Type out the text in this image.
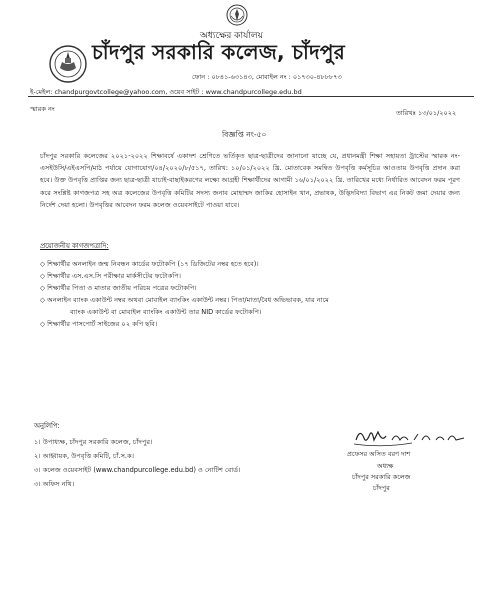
অধ্যক্ষের কার্যালয়
চাঁদপুর সরকারি কলেজ, চাঁদপুর
ফোন : ০৮৪১-৬৩১৪৩, মোবাইল নং : ০১৭৩০-৪৮৮৮৭৩
ই-মেইল: chandpurgovtcollege@yahoo.com, ওয়েব সাইট : www.chandpurcollege.edu.bd
স্মারক নং	তারিখঃ ১৩/০১/২০২২
বিজ্ঞপ্তি নং-৫০
চাঁদপুর সরকারি কলেজের ২০২১-২০২২ শিক্ষাবর্ষে একাদশ শ্রেণিতে ভর্তিকৃত ছাত্র-ছাত্রীদের জানানো যাচ্ছে যে, প্রধানমন্ত্রী শিক্ষা সহায়তা ট্রাস্টের স্মারক নং- এসইউসি/এইএসপি/মাঠ পর্যায়ে যোগাযোগ/০৪/২০২০/৮/৫১৭, তারিখ: ১০/০১/২০২২ খ্রি. মোতাবেক সমন্বিত উপবৃত্তি কর্মসূচির আওতায় উপবৃত্তি প্রদান করা হবে। উক্ত উপবৃত্তি প্রাপ্তির জন্য ছাত্র-ছাত্রী যাচাই-বাছাইকরণের লক্ষ্যে আগ্রহী শিক্ষার্থীদের আগামী ১৬/০১/২০২২ খ্রি. তারিখের মধ্যে নির্ধারিত আবেদন ফরম পূরণ করে সংশ্লিষ্ট কাগজপত্র সহ অত্র কলেজের উপবৃত্তি কমিটির সদস্য জনাব মোহাম্মদ জাকির হোসাইন খান, প্রভাষক, উদ্ভিদবিদ্যা বিভাগ এর নিকট জমা দেয়ার জন্য নির্দেশ দেয়া হলো। উপবৃত্তির আবেদন ফরম কলেজ ওয়েবসাইটে পাওয়া যাবে।
প্রয়োজনীয় কাগজপত্রাদি:
◇ শিক্ষার্থীর অনলাইন জন্ম নিবন্ধন কার্ডের ফটোকপি (১৭ ডিজিটের নম্বর হতে হবে)।
◇ শিক্ষার্থীর এস.এস.সি পরীক্ষার মার্কসীটের ফটোকপি।
◇ শিক্ষার্থীর পিতা ও মাতার জাতীয় পরিচয় পত্রের ফটোকপি।
◇ অনলাইন ব্যাংক একাউন্ট নম্বর অথবা মোবাইল ব্যাংকিং একাউন্ট নম্বর। পিতা/মাতা/বৈধ অভিভাবক, যার নামে
ব্যাংক একাউন্ট বা মোবাইল ব্যাংকিং একাউন্ট তার NID কার্ডের ফটোকপি।
◇ শিক্ষার্থীর পাসপোর্ট সাইজের ০২ কপি ছবি।
প্রফেসর অসিত বরণ দাশ
অধ্যক্ষ
চাঁদপুর সরকারি কলেজ
চাঁদপুর
অনুলিপি:
১। উপাধ্যক্ষ, চাঁদপুর সরকারি কলেজ, চাঁদপুর।
২। আহ্বায়ক, উপবৃত্তি কমিটি, চাঁ.স.ক।
৩। কলেজ ওয়েবসাইট (www.chandpurcollege.edu.bd) ও নোটিশ বোর্ড।
৩। অফিস নথি।
